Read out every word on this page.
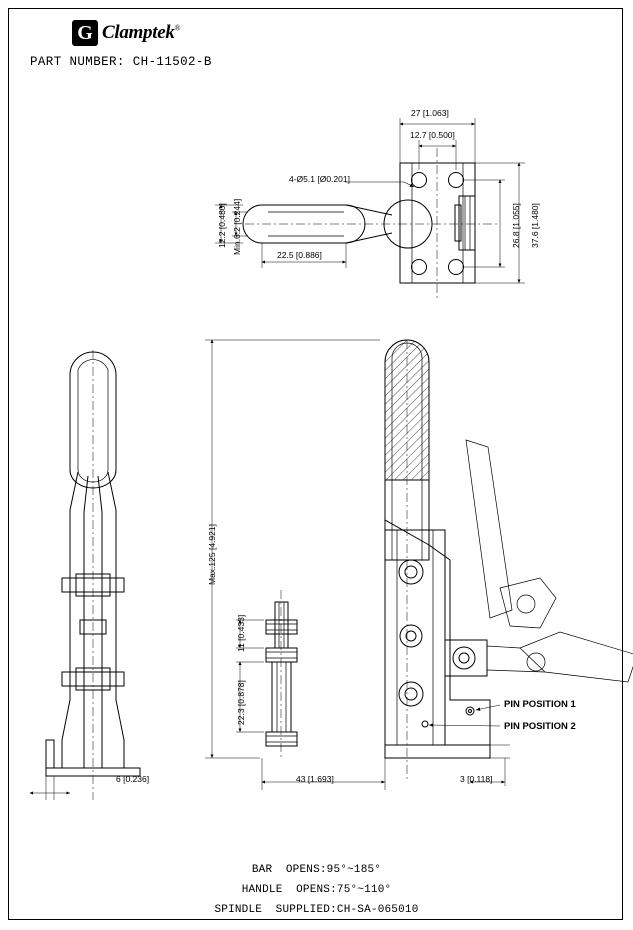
G Clamptek®
PART NUMBER: CH-11502-B
27 [1.063]
12.7 [0.500]
37.6 [1.480]
26.8 [1.055]
4-Ø5.1 [Ø0.201]
22.5 [0.886]
12.2 [0.480] Min.6.2 [0.244]
Max.125 [4.921]
11 [0.433]
22.3 [0.878]
43 [1.693]	3 [0.118]
6 [0.236]
PIN POSITION 1
PIN POSITION 2
BAR  OPENS:95°~185°
HANDLE  OPENS:75°~110°
SPINDLE  SUPPLIED:CH-SA-065010
